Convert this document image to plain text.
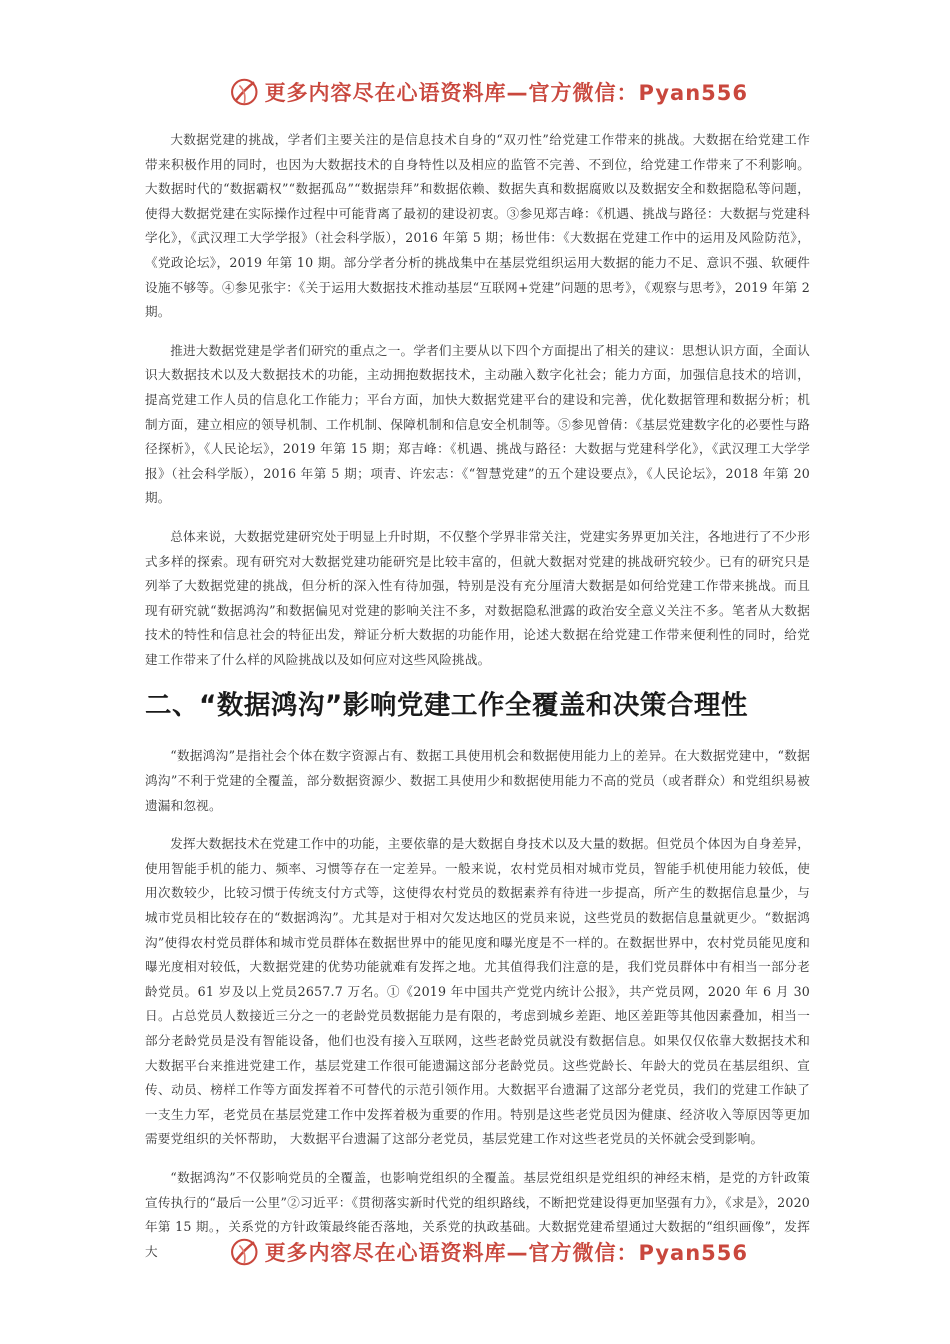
更多内容尽在心语资料库—官方微信：Pyan556

大数据党建的挑战，学者们主要关注的是信息技术自身的“双刃性”给党建工作带来的挑战。大数据在给党建工作带来积极作用的同时，也因为大数据技术的自身特性以及相应的监管不完善、不到位，给党建工作带来了不利影响。大数据时代的“数据霸权”“数据孤岛”“数据崇拜”和数据依赖、数据失真和数据腐败以及数据安全和数据隐私等问题，使得大数据党建在实际操作过程中可能背离了最初的建设初衷。③参见郑吉峰：《机遇、挑战与路径：大数据与党建科学化》，《武汉理工大学学报》（社会科学版），2016 年第 5 期；杨世伟：《大数据在党建工作中的运用及风险防范》，《党政论坛》，2019 年第 10 期。部分学者分析的挑战集中在基层党组织运用大数据的能力不足、意识不强、软硬件设施不够等。④参见张宇：《关于运用大数据技术推动基层“互联网+党建”问题的思考》，《观察与思考》，2019 年第 2 期。

推进大数据党建是学者们研究的重点之一。学者们主要从以下四个方面提出了相关的建议：思想认识方面，全面认识大数据技术以及大数据技术的功能，主动拥抱数据技术，主动融入数字化社会；能力方面，加强信息技术的培训， 提高党建工作人员的信息化工作能力；平台方面，加快大数据党建平台的建设和完善，优化数据管理和数据分析；机制方面，建立相应的领导机制、工作机制、保障机制和信息安全机制等。⑤参见曾倩：《基层党建数字化的必要性与路径探析》，《人民论坛》，2019 年第 15 期；郑吉峰：《机遇、挑战与路径：大数据与党建科学化》，《武汉理工大学学报》（社会科学版），2016 年第 5 期；项青、许宏志：《“智慧党建”的五个建设要点》，《人民论坛》，2018 年第 20 期。

总体来说，大数据党建研究处于明显上升时期，不仅整个学界非常关注，党建实务界更加关注，各地进行了不少形式多样的探索。现有研究对大数据党建功能研究是比较丰富的，但就大数据对党建的挑战研究较少。已有的研究只是列举了大数据党建的挑战，但分析的深入性有待加强，特别是没有充分厘清大数据是如何给党建工作带来挑战。而且现有研究就“数据鸿沟”和数据偏见对党建的影响关注不多，对数据隐私泄露的政治安全意义关注不多。笔者从大数据技术的特性和信息社会的特征出发，辩证分析大数据的功能作用，论述大数据在给党建工作带来便利性的同时，给党建工作带来了什么样的风险挑战以及如何应对这些风险挑战。

二、“数据鸿沟”影响党建工作全覆盖和决策合理性

“数据鸿沟”是指社会个体在数字资源占有、数据工具使用机会和数据使用能力上的差异。在大数据党建中，“数据鸿沟”不利于党建的全覆盖，部分数据资源少、数据工具使用少和数据使用能力不高的党员（或者群众）和党组织易被遗漏和忽视。

发挥大数据技术在党建工作中的功能，主要依靠的是大数据自身技术以及大量的数据。但党员个体因为自身差异，使用智能手机的能力、频率、习惯等存在一定差异。一般来说，农村党员相对城市党员，智能手机使用能力较低，使用次数较少，比较习惯于传统支付方式等，这使得农村党员的数据素养有待进一步提高，所产生的数据信息量少，与城市党员相比较存在的“数据鸿沟”。尤其是对于相对欠发达地区的党员来说，这些党员的数据信息量就更少。“数据鸿沟”使得农村党员群体和城市党员群体在数据世界中的能见度和曝光度是不一样的。在数据世界中，农村党员能见度和曝光度相对较低，大数据党建的优势功能就难有发挥之地。尤其值得我们注意的是，我们党员群体中有相当一部分老龄党员。61 岁及以上党员2657.7 万名。①《2019 年中国共产党党内统计公报》，共产党员网，2020 年 6 月 30 日。占总党员人数接近三分之一的老龄党员数据能力是有限的，考虑到城乡差距、地区差距等其他因素叠加，相当一部分老龄党员是没有智能设备，他们也没有接入互联网，这些老龄党员就没有数据信息。如果仅仅依靠大数据技术和大数据平台来推进党建工作，基层党建工作很可能遗漏这部分老龄党员。这些党龄长、年龄大的党员在基层组织、宣传、动员、榜样工作等方面发挥着不可替代的示范引领作用。大数据平台遗漏了这部分老党员，我们的党建工作缺了一支生力军，老党员在基层党建工作中发挥着极为重要的作用。特别是这些老党员因为健康、经济收入等原因等更加需要党组织的关怀帮助， 大数据平台遗漏了这部分老党员，基层党建工作对这些老党员的关怀就会受到影响。

“数据鸿沟”不仅影响党员的全覆盖，也影响党组织的全覆盖。基层党组织是党组织的神经末梢，是党的方针政策宣传执行的“最后一公里”②习近平：《贯彻落实新时代党的组织路线，不断把党建设得更加坚强有力》，《求是》，2020 年第 15 期。，关系党的方针政策最终能否落地，关系党的执政基础。大数据党建希望通过大数据的“组织画像”，发挥大	更多内容尽在心语资料库—官方微信：Pyan556
